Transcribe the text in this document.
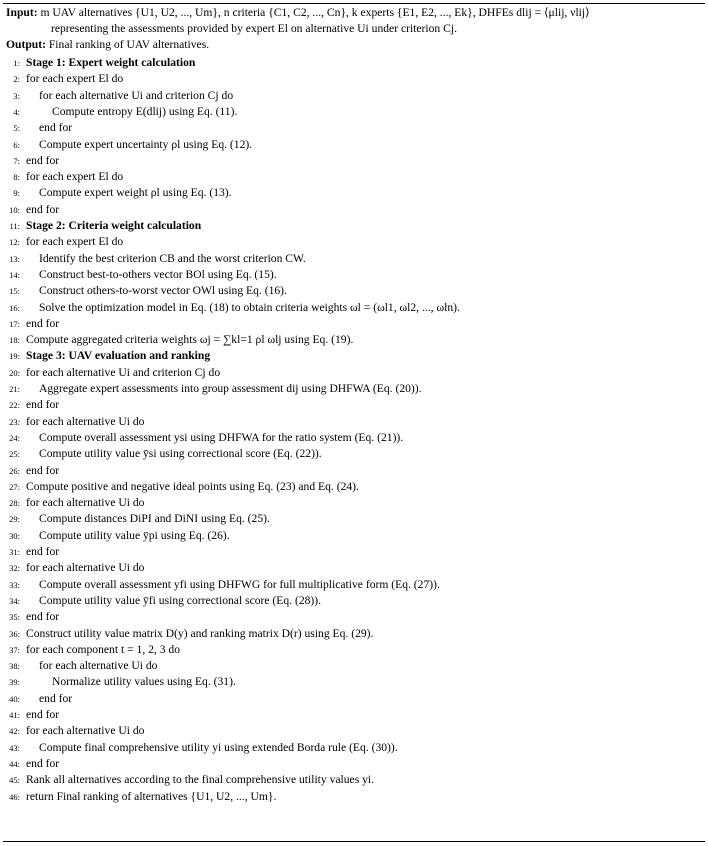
Input: m UAV alternatives {U1, U2, ..., Um}, n criteria {C1, C2, ..., Cn}, k experts {E1, E2, ..., Ek}, DHFEs dlij = ⟨μlij, νlij⟩
representing the assessments provided by expert El on alternative Ui under criterion Cj.
Output: Final ranking of UAV alternatives.
1: Stage 1: Expert weight calculation
2: for each expert El do
3: for each alternative Ui and criterion Cj do
4:	Compute entropy E(dlij) using Eq. (11).
5: end for
6: Compute expert uncertainty ρl using Eq. (12).
7: end for
8: for each expert El do
9: Compute expert weight ρl using Eq. (13).
10: end for
11: Stage 2: Criteria weight calculation
12: for each expert El do
13: Identify the best criterion CB and the worst criterion CW.
14: Construct best-to-others vector BOl using Eq. (15).
15: Construct others-to-worst vector OWl using Eq. (16).
16: Solve the optimization model in Eq. (18) to obtain criteria weights ωl = (ωl1, ωl2, ..., ωln).
17: end for
18: Compute aggregated criteria weights ωj = ∑kl=1 ρl ωlj using Eq. (19).
19: Stage 3: UAV evaluation and ranking
20: for each alternative Ui and criterion Cj do
21: Aggregate expert assessments into group assessment dij using DHFWA (Eq. (20)).
22: end for
23: for each alternative Ui do
24: Compute overall assessment ysi using DHFWA for the ratio system (Eq. (21)).
25: Compute utility value ȳsi using correctional score (Eq. (22)).
26: end for
27: Compute positive and negative ideal points using Eq. (23) and Eq. (24).
28: for each alternative Ui do
29: Compute distances DiPI and DiNI using Eq. (25).
30: Compute utility value ȳpi using Eq. (26).
31: end for
32: for each alternative Ui do
33: Compute overall assessment yfi using DHFWG for full multiplicative form (Eq. (27)).
34: Compute utility value ȳfi using correctional score (Eq. (28)).
35: end for
36: Construct utility value matrix D(y) and ranking matrix D(r) using Eq. (29).
37: for each component t = 1, 2, 3 do
38: for each alternative Ui do
39:	Normalize utility values using Eq. (31).
40: end for
41: end for
42: for each alternative Ui do
43: Compute final comprehensive utility yi using extended Borda rule (Eq. (30)).
44: end for
45: Rank all alternatives according to the final comprehensive utility values yi.
46: return Final ranking of alternatives {U1, U2, ..., Um}.
